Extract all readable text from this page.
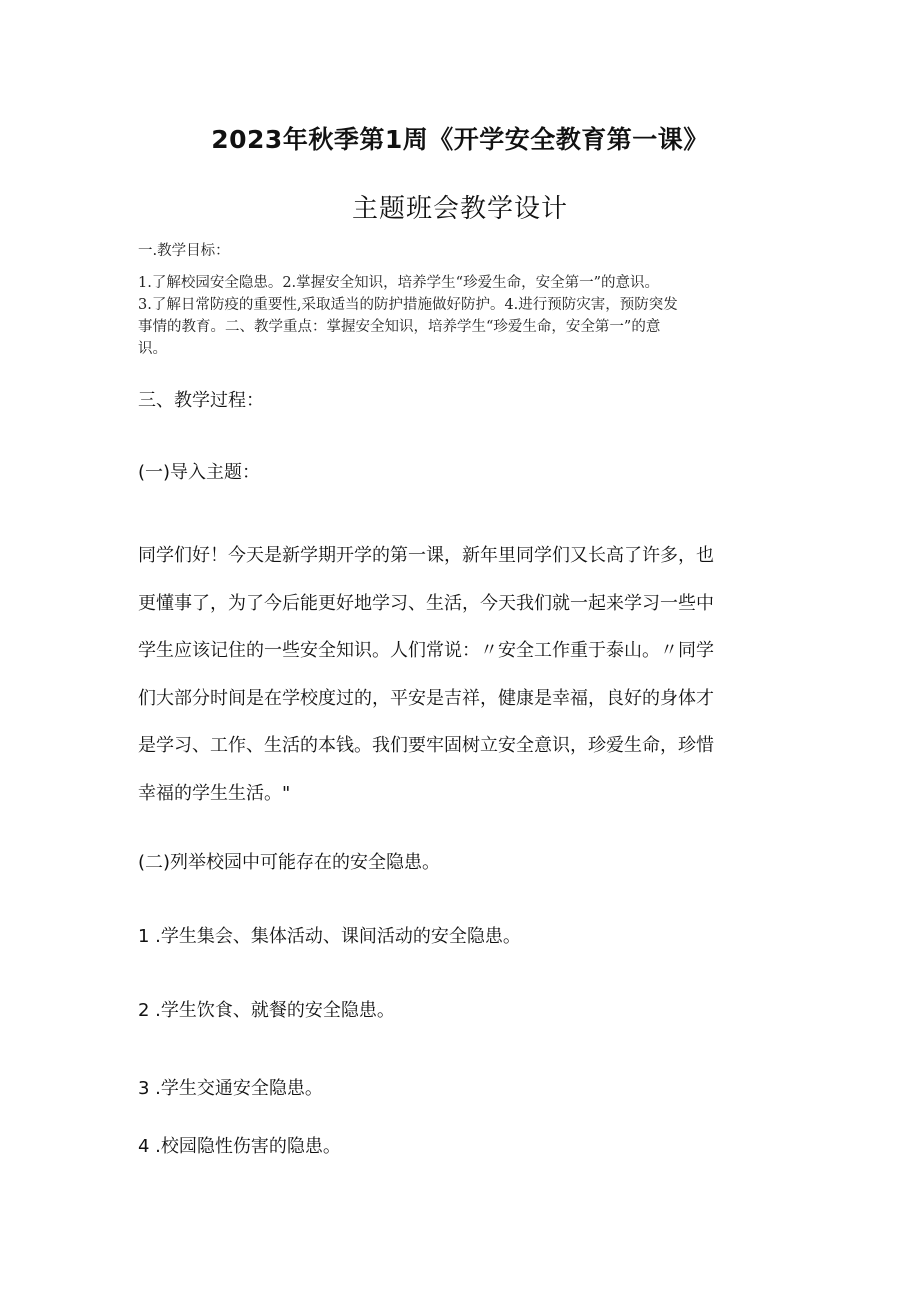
2023年秋季第1周《开学安全教育第一课》
主题班会教学设计
一.教学目标：
1.了解校园安全隐患。2.掌握安全知识，培养学生“珍爱生命，安全第一”的意识。
3.了解日常防疫的重要性,采取适当的防护措施做好防护。4.进行预防灾害，预防突发
事情的教育。二、教学重点：掌握安全知识，培养学生“珍爱生命，安全第一”的意
识。
三、教学过程：
(一)导入主题：
同学们好！今天是新学期开学的第一课，新年里同学们又长高了许多，也
更懂事了，为了今后能更好地学习、生活，今天我们就一起来学习一些中
学生应该记住的一些安全知识。人们常说：〃安全工作重于泰山。〃同学
们大部分时间是在学校度过的，平安是吉祥，健康是幸福，良好的身体才
是学习、工作、生活的本钱。我们要牢固树立安全意识，珍爱生命，珍惜
幸福的学生生活。"
(二)列举校园中可能存在的安全隐患。
1 .学生集会、集体活动、课间活动的安全隐患。
2 .学生饮食、就餐的安全隐患。
3 .学生交通安全隐患。
4 .校园隐性伤害的隐患。
